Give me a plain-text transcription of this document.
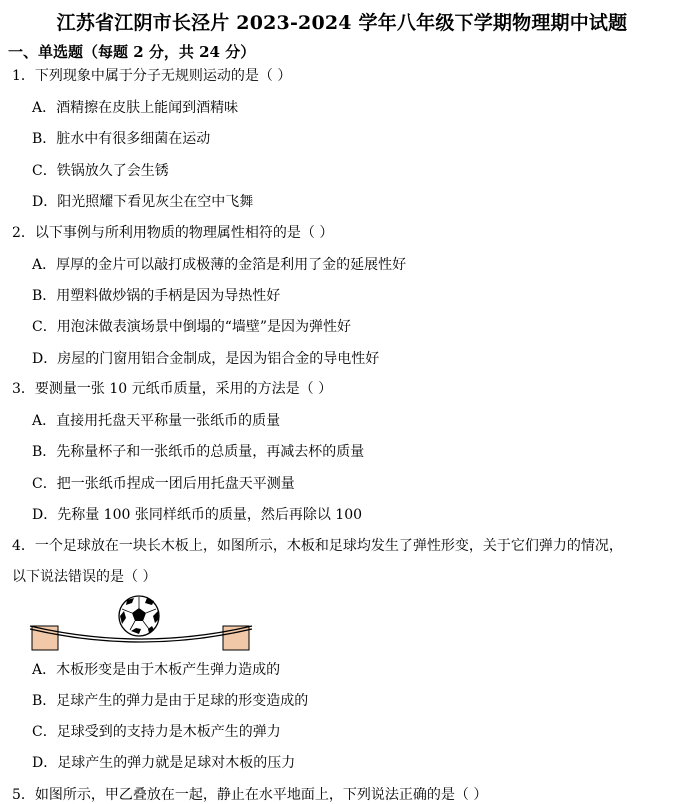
江苏省江阴市长泾片 2023-2024 学年八年级下学期物理期中试题
一、单选题（每题 2 分，共 24 分）
1．下列现象中属于分子无规则运动的是（ ）
A．酒精擦在皮肤上能闻到酒精味
B．脏水中有很多细菌在运动
C．铁锅放久了会生锈
D．阳光照耀下看见灰尘在空中飞舞
2．以下事例与所利用物质的物理属性相符的是（ ）
A．厚厚的金片可以敲打成极薄的金箔是利用了金的延展性好
B．用塑料做炒锅的手柄是因为导热性好
C．用泡沫做表演场景中倒塌的“墙壁”是因为弹性好
D．房屋的门窗用铝合金制成，是因为铝合金的导电性好
3．要测量一张 10 元纸币质量，采用的方法是（ ）
A．直接用托盘天平称量一张纸币的质量
B．先称量杯子和一张纸币的总质量，再减去杯的质量
C．把一张纸币捏成一团后用托盘天平测量
D．先称量 100 张同样纸币的质量，然后再除以 100
4．一个足球放在一块长木板上，如图所示，木板和足球均发生了弹性形变，关于它们弹力的情况，
以下说法错误的是（ ）
A．木板形变是由于木板产生弹力造成的
B．足球产生的弹力是由于足球的形变造成的
C．足球受到的支持力是木板产生的弹力
D．足球产生的弹力就是足球对木板的压力
5．如图所示，甲乙叠放在一起，静止在水平地面上，下列说法正确的是（ ）
